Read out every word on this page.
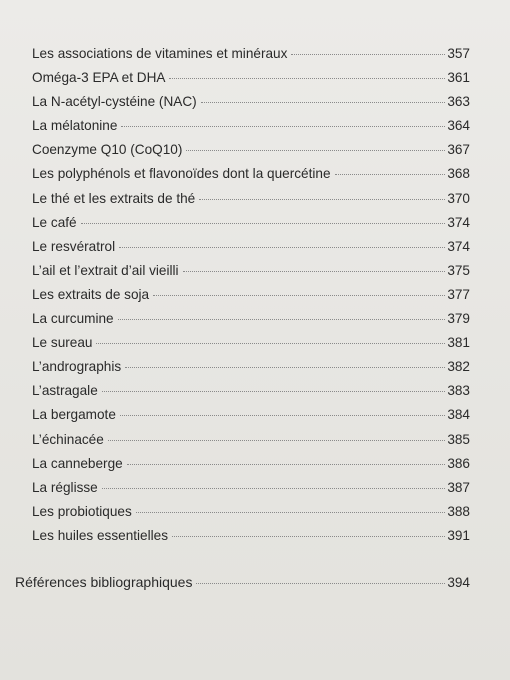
Les associations de vitamines et minéraux	357
Oméga-3 EPA et DHA	361
La N-acétyl-cystéine (NAC)	363
La mélatonine	364
Coenzyme Q10 (CoQ10)	367
Les polyphénols et flavonoïdes dont la quercétine	368
Le thé et les extraits de thé	370
Le café	374
Le resvératrol	374
L’ail et l’extrait d’ail vieilli	375
Les extraits de soja	377
La curcumine	379
Le sureau	381
L’andrographis	382
L’astragale	383
La bergamote	384
L’échinacée	385
La canneberge	386
La réglisse	387
Les probiotiques	388
Les huiles essentielles	391
Références bibliographiques	394
